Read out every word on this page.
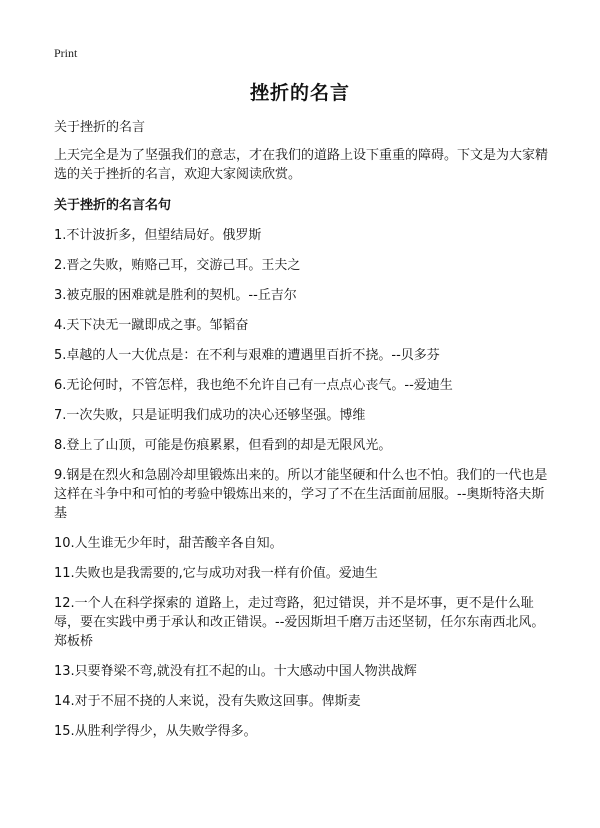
Print
挫折的名言

关于挫折的名言

上天完全是为了坚强我们的意志，才在我们的道路上设下重重的障碍。下文是为大家精选的关于挫折的名言，欢迎大家阅读欣赏。

关于挫折的名言名句

1.不计波折多，但望结局好。俄罗斯

2.晋之失败，贿赂己耳，交游己耳。王夫之

3.被克服的困难就是胜利的契机。--丘吉尔

4.天下决无一蹴即成之事。邹韬奋

5.卓越的人一大优点是：在不利与艰难的遭遇里百折不挠。--贝多芬

6.无论何时，不管怎样，我也绝不允许自己有一点点心丧气。--爱迪生

7.一次失败，只是证明我们成功的决心还够坚强。博维

8.登上了山顶，可能是伤痕累累，但看到的却是无限风光。

9.钢是在烈火和急剧冷却里锻炼出来的。所以才能坚硬和什么也不怕。我们的一代也是这样在斗争中和可怕的考验中锻炼出来的，学习了不在生活面前屈服。--奥斯特洛夫斯基

10.人生谁无少年时，甜苦酸辛各自知。

11.失败也是我需要的,它与成功对我一样有价值。爱迪生

12.一个人在科学探索的 道路上，走过弯路，犯过错误，并不是坏事，更不是什么耻辱，要在实践中勇于承认和改正错误。--爱因斯坦千磨万击还坚韧，任尔东南西北风。郑板桥

13.只要脊梁不弯,就没有扛不起的山。十大感动中国人物洪战辉

14.对于不屈不挠的人来说，没有失败这回事。俾斯麦

15.从胜利学得少，从失败学得多。
